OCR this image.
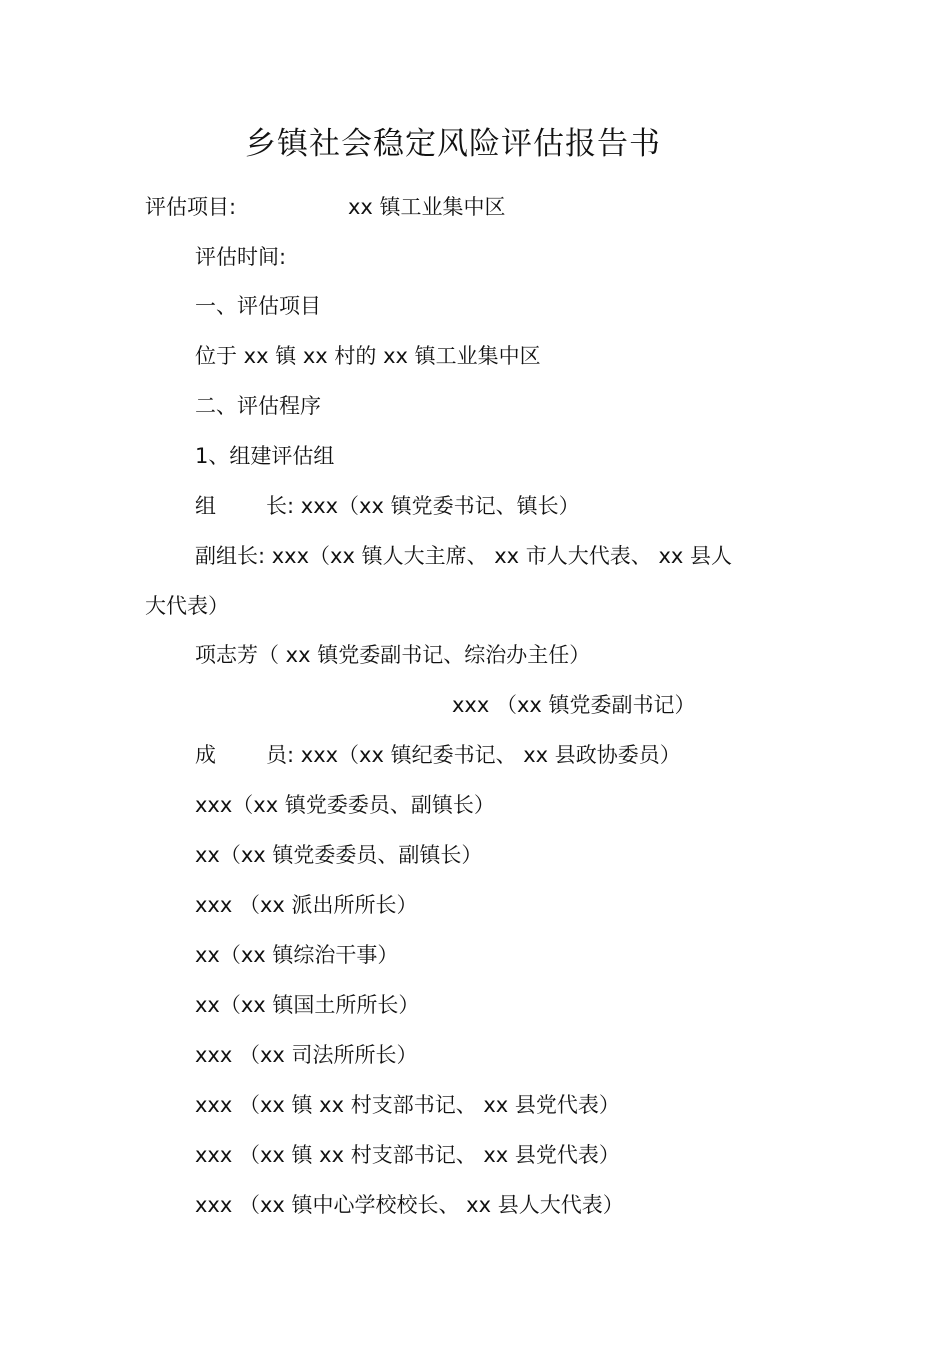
乡镇社会稳定风险评估报告书
评估项目:	xx 镇工业集中区
评估时间:
一、评估项目
位于 xx 镇 xx 村的 xx 镇工业集中区
二、评估程序
1、组建评估组
组 长: xxx（xx 镇党委书记、镇长）
副组长: xxx（xx 镇人大主席、 xx 市人大代表、 xx 县人
大代表）
项志芳（ xx 镇党委副书记、综治办主任）
xxx （xx 镇党委副书记）
成 员: xxx（xx 镇纪委书记、 xx 县政协委员）
xxx（xx 镇党委委员、副镇长）
xx（xx 镇党委委员、副镇长）
xxx （xx 派出所所长）
xx（xx 镇综治干事）
xx（xx 镇国土所所长）
xxx （xx 司法所所长）
xxx （xx 镇 xx 村支部书记、 xx 县党代表）
xxx （xx 镇 xx 村支部书记、 xx 县党代表）
xxx （xx 镇中心学校校长、 xx 县人大代表）
